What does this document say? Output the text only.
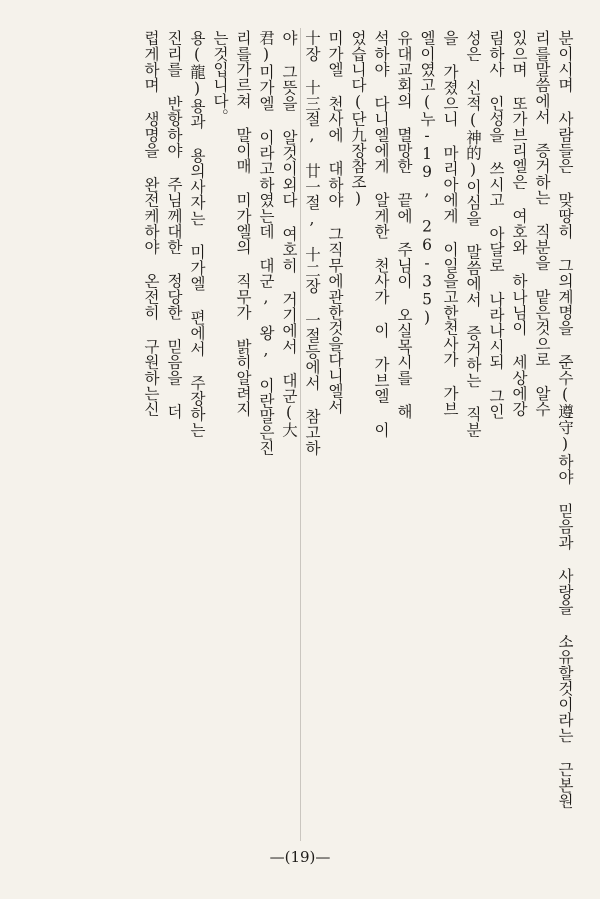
분이시며 사람들은 맞땅히 그의계명을 준수(遵守)하야 믿음과 사랑을 소유할것이라는 근본원
리를말씀에서 증거하는 직분을 맡은것으로 알수
있으며 또가브리엘은 여호와 하나님이 세상에강
림하사 인성을 쓰시고 아달로 나라나시되 그인
성은 신적(神的)이심을 말씀에서 증거하는 직분
을 가졌으니 마리아에게 이일을고한천사가 가브
엘이였고(누-19, 26-35)
유대교회의 멸망한 끝에 주님이 오실목시를 해
석하야 다니엘에게 알게한 천사가 이 가브엘 이
었습니다(단九장참조)
미가엘 천사에 대하야 그직무에관한것을다니엘서
十장 十三절, 廿一절, 十二장 一절등에서 참고하
야 그뜻을 알것이외다 여호히 거기에서 대군(大
君)미가엘 이라고하였는데 대군, 왕, 이란말은진
리를가르쳐 말이매 미가엘의 직무가 밝히알려지
는것입니다。
용(龍)용과 용의사자는 미가엘 편에서 주장하는
진리를 반항하야 주님께대한 정당한 믿음을 더
럽게하며 생명을 완전케하야 온전히 구원하는신
—(19)—
